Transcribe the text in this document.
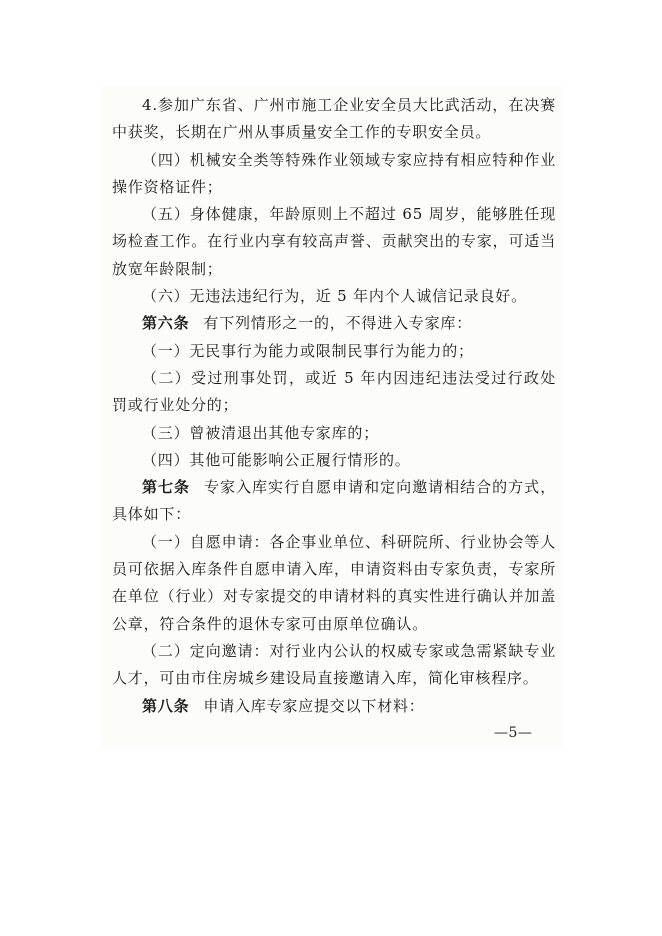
4.参加广东省、广州市施工企业安全员大比武活动，在决赛中获奖，长期在广州从事质量安全工作的专职安全员。

（四）机械安全类等特殊作业领域专家应持有相应特种作业操作资格证件；

（五）身体健康，年龄原则上不超过 65 周岁，能够胜任现场检查工作。在行业内享有较高声誉、贡献突出的专家，可适当放宽年龄限制；

（六）无违法违纪行为，近 5 年内个人诚信记录良好。

第六条 有下列情形之一的，不得进入专家库：

（一）无民事行为能力或限制民事行为能力的；

（二）受过刑事处罚，或近 5 年内因违纪违法受过行政处罚或行业处分的；

（三）曾被清退出其他专家库的；

（四）其他可能影响公正履行情形的。

第七条 专家入库实行自愿申请和定向邀请相结合的方式，具体如下：

（一）自愿申请：各企事业单位、科研院所、行业协会等人员可依据入库条件自愿申请入库，申请资料由专家负责，专家所在单位（行业）对专家提交的申请材料的真实性进行确认并加盖公章，符合条件的退休专家可由原单位确认。

（二）定向邀请：对行业内公认的权威专家或急需紧缺专业人才，可由市住房城乡建设局直接邀请入库，简化审核程序。

第八条 申请入库专家应提交以下材料：

—5—
